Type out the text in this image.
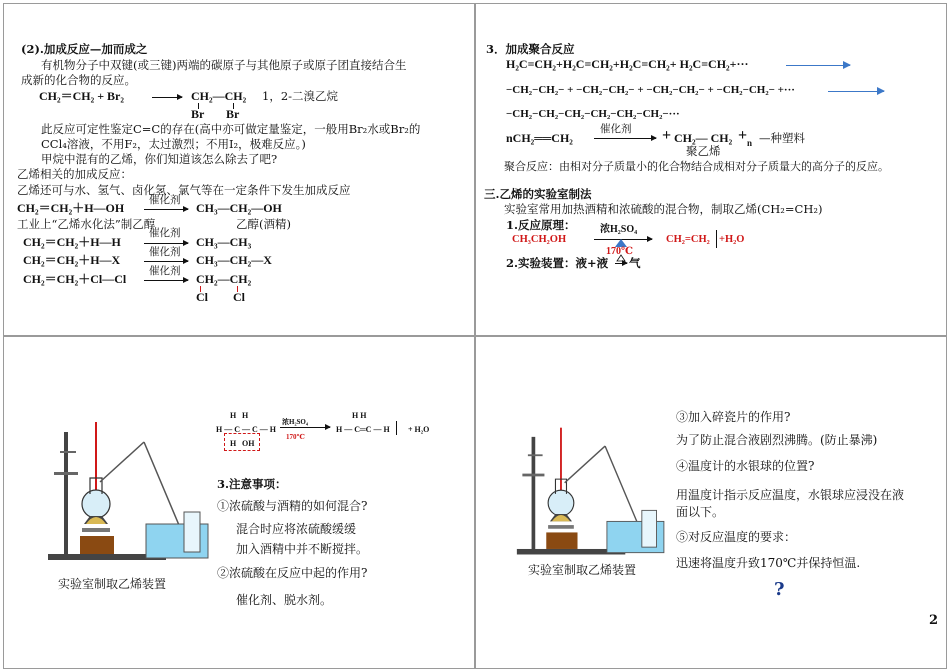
(2).加成反应—加而成之
有机物分子中双键(或三键)两端的碳原子与其他原子或原子团直接结合生
成新的化合物的反应。
CH₂＝CH₂ + Br₂ → CH₂—CH₂ 1，2-二溴乙烷
Br Br
此反应可定性鉴定C=C的存在(高中亦可做定量鉴定，一般用Br₂水或Br₂的
CCl₄溶液，不用F₂，太过激烈；不用I₂，极难反应。)
甲烷中混有的乙烯，你们知道该怎么除去了吧?
乙烯相关的加成反应：
乙烯还可与水、氢气、卤化氢、氯气等在一定条件下发生加成反应
CH₂＝CH₂＋H—OH
催化剂
→ CH₃—CH₂—OH
工业上“乙烯水化法”制乙醇	乙醇(酒精)
CH₂＝CH₂＋H—H
催化剂
→ CH₃—CH₃
CH₂＝CH₂＋H—X
催化剂
→ CH₃—CH₂—X
CH₂＝CH₂＋Cl—Cl
催化剂
→ CH₂—CH₂
Cl Cl
3．加成聚合反应
H₂C=CH₂+H₂C=CH₂+H₂C=CH₂+ H₂C=CH₂+···
−CH₂−CH₂− + −CH₂−CH₂− + −CH₂−CH₂− + −CH₂−CH₂− +···
−CH₂−CH₂−CH₂−CH₂−CH₂−CH₂−···
nCH₂══CH₂
催化剂 → + CH₂— CH₂ + n —种塑料
聚乙烯
聚合反应：由相对分子质量小的化合物结合成相对分子质量大的高分子的反应。
三.乙烯的实验室制法
实验室常用加热酒精和浓硫酸的混合物，制取乙烯(CH₂=CH₂)
1.反应原理：
CH₃CH₂OH
浓H₂SO₄
170℃
CH₂=CH₂ +H₂O
2.实验装置：液+液 气
实验室制取乙烯装置
H H
H — C — C — H
H OH
浓H₂SO₄
170℃
H H
H — C═C — H + H₂O
3.注意事项：
①浓硫酸与酒精的如何混合?
混合时应将浓硫酸缓缓
加入酒精中并不断搅拌。
②浓硫酸在反应中起的作用?
催化剂、脱水剂。
实验室制取乙烯装置
③加入碎瓷片的作用?
为了防止混合液剧烈沸腾。(防止暴沸)
④温度计的水银球的位置?
用温度计指示反应温度，水银球应浸没在液
面以下。
⑤对反应温度的要求：
迅速将温度升致170℃并保持恒温.
?
2
